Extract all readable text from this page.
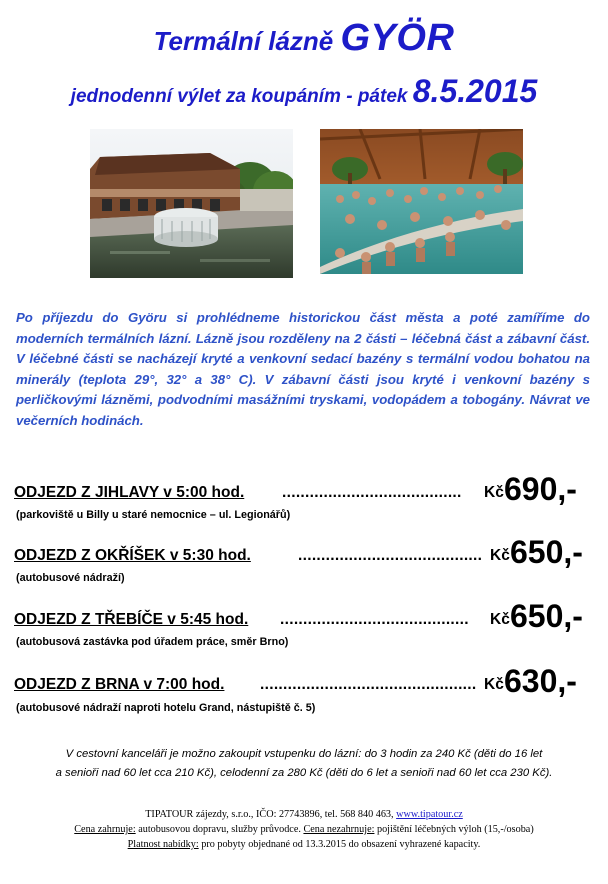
Termální lázně GYÖR
jednodenní výlet za koupáním - pátek 8.5.2015
Po příjezdu do Györu si prohlédneme historickou část města a poté zamíříme do moderních termálních lázní. Lázně jsou rozděleny na 2 části – léčebná část a zábavní část. V léčebné části se nacházejí kryté a venkovní sedací bazény s termální vodou bohatou na minerály (teplota 29°, 32° a 38° C). V zábavní části jsou kryté i venkovní bazény s perličkovými lázněmi, podvodními masážními tryskami, vodopádem a tobogány. Návrat ve večerních hodinách.
ODJEZD Z JIHLAVY v 5:00 hod. .......................................	Kč 690,-
(parkoviště u Billy u staré nemocnice – ul. Legionářů)
ODJEZD Z OKŘÍŠEK v 5:30 hod.	........................................ Kč 650,-
(autobusové nádraží)
ODJEZD Z TŘEBÍČE v 5:45 hod. .........................................	Kč 650,-
(autobusová zastávka pod úřadem práce, směr Brno)
ODJEZD Z BRNA v 7:00 hod. ............................................... Kč 630,-
(autobusové nádraží naproti hotelu Grand, nástupiště č. 5)
V cestovní kanceláři je možno zakoupit vstupenku do lázní: do 3 hodin za 240 Kč (děti do 16 let
a senioři nad 60 let cca 210 Kč), celodenní za 280 Kč (děti do 6 let a senioři nad 60 let cca 230 Kč).
TIPATOUR zájezdy, s.r.o., IČO: 27743896, tel. 568 840 463, www.tipatour.cz
Cena zahrnuje: autobusovou dopravu, služby průvodce. Cena nezahrnuje: pojištění léčebných výloh (15,-/osoba)
Platnost nabídky: pro pobyty objednané od 13.3.2015 do obsazení vyhrazené kapacity.
